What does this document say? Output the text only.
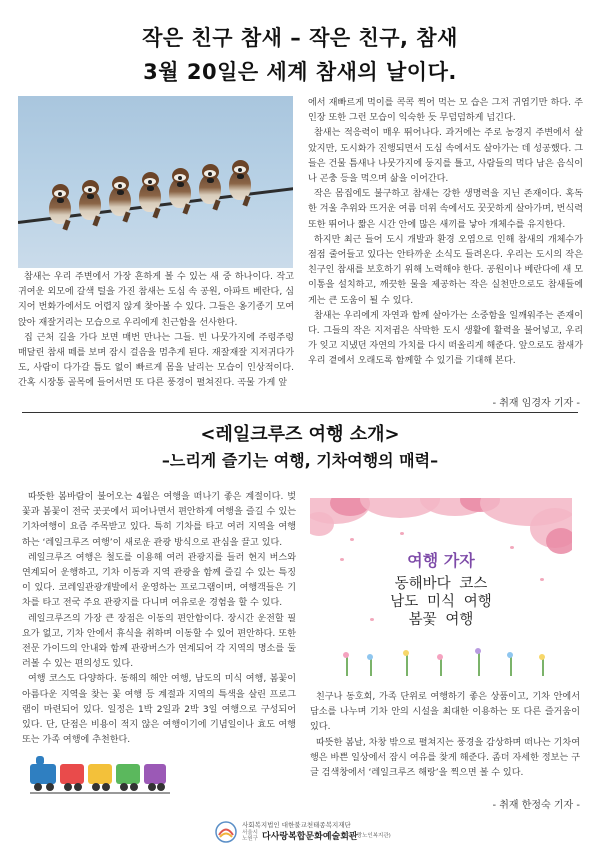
작은 친구 참새 – 작은 친구, 참새
3월 20일은 세계 참새의 날이다.

참새는 우리 주변에서 가장 흔하게 볼 수 있는 새 중 하나이다. 작고 귀여운 외모에 갈색 털을 가진 참새는 도심 속 공원, 아파트 베란다, 심지어 번화가에서도 어렵지 않게 찾아볼 수 있다. 그들은 옹기종기 모여 앉아 재잘거리는 모습으로 우리에게 친근함을 선사한다.

집 근처 길을 가다 보면 매번 만나는 그들. 빈 나뭇가지에 주렁주렁 매달린 참새 떼를 보며 잠시 걸음을 멈추게 된다. 재잘재잘 지저귀다가도, 사람이 다가갈 틈도 없이 빠르게 몸을 날리는 모습이 인상적이다. 간혹 시장통 골목에 들어서면 또 다른 풍경이 펼쳐진다. 곡물 가게 앞

에서 재빠르게 먹이를 콕콕 찍어 먹는 모 습은 그저 귀엽기만 하다. 주인장 또한 그런 모습이 익숙한 듯 무덤덤하게 넘긴다.

참새는 적응력이 매우 뛰어나다. 과거에는 주로 농경지 주변에서 살았지만, 도시화가 진행되면서 도심 속에서도 살아가는 데 성공했다. 그들은 건물 틈새나 나뭇가지에 둥지를 틀고, 사람들의 먹다 남은 음식이나 곤충 등을 먹으며 삶을 이어간다.

작은 몸집에도 불구하고 참새는 강한 생명력을 지닌 존재이다. 혹독한 겨울 추위와 뜨거운 여름 더위 속에서도 꿋꿋하게 살아가며, 번식력 또한 뛰어나 짧은 시간 안에 많은 새끼를 낳아 개체수를 유지한다.

하지만 최근 들어 도시 개발과 환경 오염으로 인해 참새의 개체수가 점점 줄어들고 있다는 안타까운 소식도 들려온다. 우리는 도시의 작은 친구인 참새를 보호하기 위해 노력해야 한다. 공원이나 베란다에 새 모이통을 설치하고, 깨끗한 물을 제공하는 작은 실천만으로도 참새들에게는 큰 도움이 될 수 있다.

참새는 우리에게 자연과 함께 살아가는 소중함을 일깨워주는 존재이다. 그들의 작은 지저귐은 삭막한 도시 생활에 활력을 불어넣고, 우리가 잊고 지냈던 자연의 가치를 다시 떠올리게 해준다. 앞으로도 참새가 우리 곁에서 오래도록 함께할 수 있기를 기대해 본다.

- 취재 임경자 기자 -
<레일크루즈 여행 소개>
–느리게 즐기는 여행, 기차여행의 매력–

따뜻한 봄바람이 불어오는 4월은 여행을 떠나기 좋은 계절이다. 벚꽃과 봄꽃이 전국 곳곳에서 피어나면서 편안하게 여행을 즐길 수 있는 기차여행이 요즘 주목받고 있다. 특히 기차를 타고 여러 지역을 여행하는 ‘레일크루즈 여행’이 새로운 관광 방식으로 관심을 끌고 있다.

레일크루즈 여행은 철도를 이용해 여러 관광지를 들러 현지 버스와 연계되어 운행하고, 기차 이동과 지역 관광을 함께 즐길 수 있는 특징이 있다. 코레일관광개발에서 운영하는 프로그램이며, 여행객들은 기차를 타고 전국 주요 관광지를 다니며 여유로운 경험을 할 수 있다.

레일크루즈의 가장 큰 장점은 이동의 편안함이다. 장시간 운전할 필요가 없고, 기차 안에서 휴식을 취하며 이동할 수 있어 편안하다. 또한 전문 가이드의 안내와 함께 관광버스가 연계되어 각 지역의 명소를 둘러볼 수 있는 편의성도 있다.

여행 코스도 다양하다. 동해의 해안 여행, 남도의 미식 여행, 봄꽃이 아름다운 지역을 찾는 꽃 여행 등 계절과 지역의 특색을 살린 프로그램이 마련되어 있다. 일정은 1박 2일과 2박 3일 여행으로 구성되어 있다. 단, 단점은 비용이 적지 않은 여행이기에 기념일이나 효도 여행 또는 가족 여행에 추천한다.

여행 가자
동해바다 코스
남도 미식 여행
봄꽃 여행

친구나 동호회, 가족 단위로 여행하기 좋은 상품이고, 기차 안에서 담소를 나누며 기차 안의 시설을 최대한 이용하는 또 다른 즐거움이 있다.

따뜻한 봄날, 차창 밖으로 펼쳐지는 풍경을 감상하며 떠나는 기차여행은 바쁜 일상에서 잠시 여유를 찾게 해준다. 좀더 자세한 정보는 구글 검색창에서 ‘레일크루즈 해랑’을 찍으면 볼 수 있다.

- 취재 한정숙 기자 -
사회복지법인 대한불교천태종복지재단
서울시 노원구 다사랑복합문화예술회관
(다사랑노인복지관)
